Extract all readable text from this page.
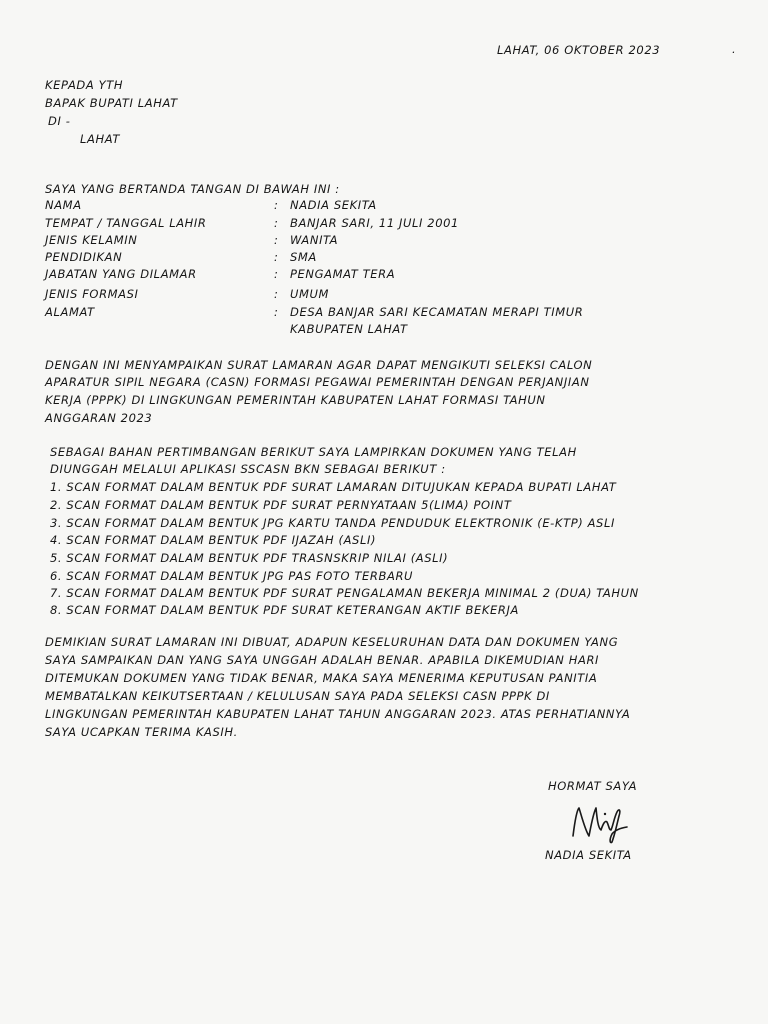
LAHAT, 06 OKTOBER 2023	.
KEPADA YTH
BAPAK BUPATI LAHAT
DI -
LAHAT
SAYA YANG BERTANDA TANGAN DI BAWAH INI :
NAMA	: NADIA SEKITA
TEMPAT / TANGGAL LAHIR	: BANJAR SARI, 11 JULI 2001
JENIS KELAMIN	: WANITA
PENDIDIKAN	: SMA
JABATAN YANG DILAMAR	: PENGAMAT TERA
JENIS FORMASI	: UMUM
ALAMAT	: DESA BANJAR SARI KECAMATAN MERAPI TIMUR
KABUPATEN LAHAT
DENGAN INI MENYAMPAIKAN SURAT LAMARAN AGAR DAPAT MENGIKUTI SELEKSI CALON
APARATUR SIPIL NEGARA (CASN) FORMASI PEGAWAI PEMERINTAH DENGAN PERJANJIAN
KERJA (PPPK) DI LINGKUNGAN PEMERINTAH KABUPATEN LAHAT FORMASI TAHUN
ANGGARAN 2023
SEBAGAI BAHAN PERTIMBANGAN BERIKUT SAYA LAMPIRKAN DOKUMEN YANG TELAH
DIUNGGAH MELALUI APLIKASI SSCASN BKN SEBAGAI BERIKUT :
1. SCAN FORMAT DALAM BENTUK PDF SURAT LAMARAN DITUJUKAN KEPADA BUPATI LAHAT
2. SCAN FORMAT DALAM BENTUK PDF SURAT PERNYATAAN 5(LIMA) POINT
3. SCAN FORMAT DALAM BENTUK JPG KARTU TANDA PENDUDUK ELEKTRONIK (E-KTP) ASLI
4. SCAN FORMAT DALAM BENTUK PDF IJAZAH (ASLI)
5. SCAN FORMAT DALAM BENTUK PDF TRASNSKRIP NILAI (ASLI)
6. SCAN FORMAT DALAM BENTUK JPG PAS FOTO TERBARU
7. SCAN FORMAT DALAM BENTUK PDF SURAT PENGALAMAN BEKERJA MINIMAL 2 (DUA) TAHUN
8. SCAN FORMAT DALAM BENTUK PDF SURAT KETERANGAN AKTIF BEKERJA
DEMIKIAN SURAT LAMARAN INI DIBUAT, ADAPUN KESELURUHAN DATA DAN DOKUMEN YANG
SAYA SAMPAIKAN DAN YANG SAYA UNGGAH ADALAH BENAR. APABILA DIKEMUDIAN HARI
DITEMUKAN DOKUMEN YANG TIDAK BENAR, MAKA SAYA MENERIMA KEPUTUSAN PANITIA
MEMBATALKAN KEIKUTSERTAAN / KELULUSAN SAYA PADA SELEKSI CASN PPPK DI
LINGKUNGAN PEMERINTAH KABUPATEN LAHAT TAHUN ANGGARAN 2023. ATAS PERHATIANNYA
SAYA UCAPKAN TERIMA KASIH.
HORMAT SAYA
NADIA SEKITA
